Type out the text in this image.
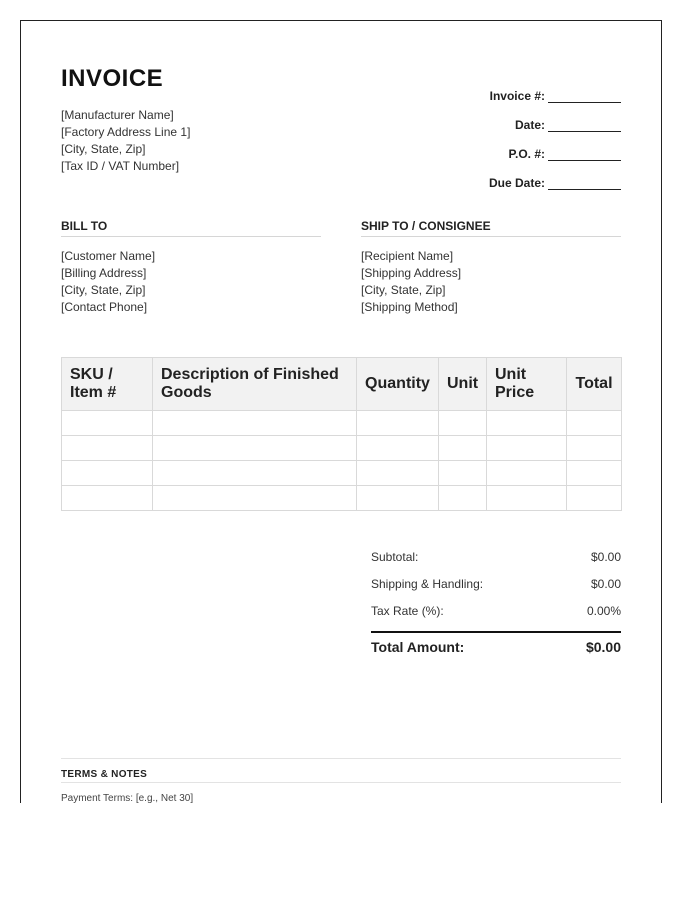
INVOICE
[Manufacturer Name]
[Factory Address Line 1]
[City, State, Zip]
[Tax ID / VAT Number]
Invoice #:
Date:
P.O. #:
Due Date:
BILL TO
[Customer Name]
[Billing Address]
[City, State, Zip]
[Contact Phone]
SHIP TO / CONSIGNEE
[Recipient Name]
[Shipping Address]
[City, State, Zip]
[Shipping Method]
SKU / Item #	Description of Finished Goods	Quantity	Unit	Unit Price	Total

Subtotal:	$0.00
Shipping & Handling:	$0.00
Tax Rate (%):	0.00%
Total Amount:	$0.00
TERMS & NOTES
Payment Terms: [e.g., Net 30]
